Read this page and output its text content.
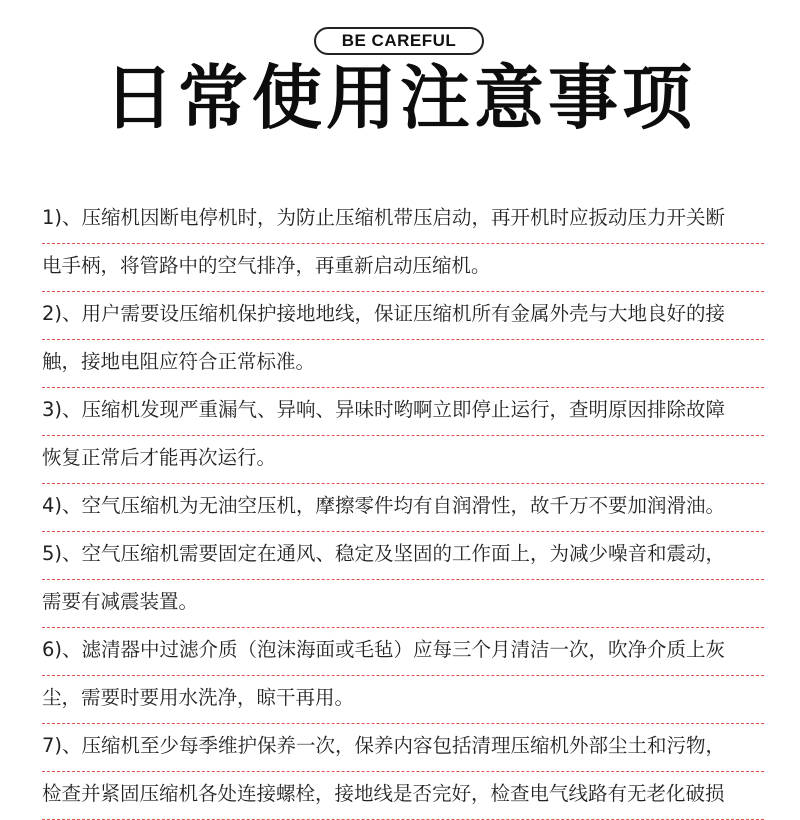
BE CAREFUL
日常使用注意事项
1)、压缩机因断电停机时，为防止压缩机带压启动，再开机时应扳动压力开关断
电手柄，将管路中的空气排净，再重新启动压缩机。
2)、用户需要设压缩机保护接地地线，保证压缩机所有金属外壳与大地良好的接
触，接地电阻应符合正常标准。
3)、压缩机发现严重漏气、异响、异味时哟啊立即停止运行，查明原因排除故障
恢复正常后才能再次运行。
4)、空气压缩机为无油空压机，摩擦零件均有自润滑性，故千万不要加润滑油。
5)、空气压缩机需要固定在通风、稳定及坚固的工作面上，为减少噪音和震动，
需要有减震装置。
6)、滤清器中过滤介质（泡沫海面或毛毡）应每三个月清洁一次，吹净介质上灰
尘，需要时要用水洗净，晾干再用。
7)、压缩机至少每季维护保养一次，保养内容包括清理压缩机外部尘土和污物，
检查并紧固压缩机各处连接螺栓，接地线是否完好，检查电气线路有无老化破损
